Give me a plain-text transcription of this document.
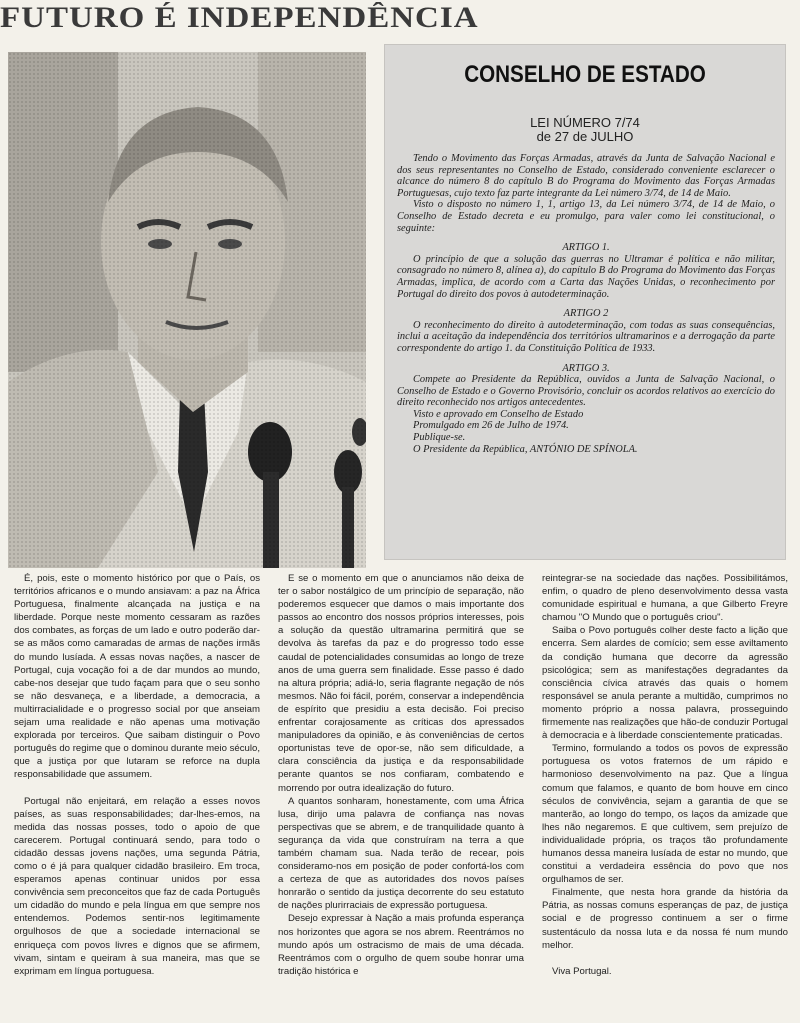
FUTURO É INDEPENDÊNCIA
CONSELHO DE ESTADO
LEI NÚMERO 7/74
de 27 de JULHO

Tendo o Movimento das Forças Armadas, através da Junta de Salvação Nacional e dos seus representantes no Conselho de Estado, considerado conveniente esclarecer o alcance do número 8 do capítulo B do Programa do Movimento das Forças Armadas Portuguesas, cujo texto faz parte integrante da Lei número 3/74, de 14 de Maio.

Visto o disposto no número 1, 1, artigo 13, da Lei número 3/74, de 14 de Maio, o Conselho de Estado decreta e eu promulgo, para valer como lei constitucional, o seguinte:

ARTIGO 1.

O princípio de que a solução das guerras no Ultramar é política e não militar, consagrado no número 8, alínea a), do capítulo B do Programa do Movimento das Forças Armadas, implica, de acordo com a Carta das Nações Unidas, o reconhecimento por Portugal do direito dos povos à autodeterminação.

ARTIGO 2

O reconhecimento do direito à autodeterminação, com todas as suas consequências, inclui a aceitação da independência dos territórios ultramarinos e a derrogação da parte correspondente do artigo 1. da Constituição Política de 1933.

ARTIGO 3.

Compete ao Presidente da República, ouvidos a Junta de Salvação Nacional, o Conselho de Estado e o Governo Provisório, concluir os acordos relativos ao exercício do direito reconhecido nos artigos antecedentes.

Visto e aprovado em Conselho de Estado

Promulgado em 26 de Julho de 1974.

Publique-se.

O Presidente da República, ANTÓNIO DE SPÍNOLA.

É, pois, este o momento histórico por que o País, os territórios africanos e o mundo ansiavam: a paz na África Portuguesa, finalmente alcançada na justiça e na liberdade. Porque neste momento cessaram as razões dos combates, as forças de um lado e outro poderão dar-se as mãos como camaradas de armas de nações irmãs do mundo lusíada. A essas novas nações, a nascer de Portugal, cuja vocação foi a de dar mundos ao mundo, cabe-nos desejar que tudo façam para que o seu sonho se não desvaneça, e a liberdade, a democracia, a multirracialidade e o progresso social por que anseiam sejam uma realidade e não apenas uma motivação explorada por terceiros. Que saibam distinguir o Povo português do regime que o dominou durante meio século, que a justiça por que lutaram se reforce na dupla responsabilidade que assumem.

Portugal não enjeitará, em relação a esses novos países, as suas responsabilidades; dar-lhes-emos, na medida das nossas posses, todo o apoio de que carecerem. Portugal continuará sendo, para todo o cidadão dessas jovens nações, uma segunda Pátria, como o é já para qualquer cidadão brasileiro. Em troca, esperamos apenas continuar unidos por essa convivência sem preconceitos que faz de cada Português um cidadão do mundo e pela língua em que sempre nos entendemos. Podemos sentir-nos legitimamente orgulhosos de que a sociedade internacional se enriqueça com povos livres e dignos que se afirmem, vivam, sintam e queiram à sua maneira, mas que se exprimam em língua portuguesa.

E se o momento em que o anunciamos não deixa de ter o sabor nostálgico de um princípio de separação, não poderemos esquecer que damos o mais importante dos passos ao encontro dos nossos próprios interesses, pois a solução da questão ultramarina permitirá que se devolva às tarefas da paz e do progresso todo esse caudal de potencialidades consumidas ao longo de treze anos de uma guerra sem finalidade. Esse passo é dado na altura própria; adiá-lo, seria flagrante negação de nós mesmos. Não foi fácil, porém, conservar a independência de espírito que presidiu a esta decisão. Foi preciso enfrentar corajosamente as críticas dos apressados manipuladores da opinião, e às conveniências de certos oportunistas teve de opor-se, não sem dificuldade, a clara consciência da justiça e da responsabilidade perante quantos se nos confiaram, combatendo e morrendo por outra idealização do futuro.

A quantos sonharam, honestamente, com uma África lusa, dirijo uma palavra de confiança nas novas perspectivas que se abrem, e de tranquilidade quanto à segurança da vida que construíram na terra a que também chamam sua. Nada terão de recear, pois consideramo-nos em posição de poder confortá-los com a certeza de que as autoridades dos novos países honrarão o sentido da justiça decorrente do seu estatuto de nações plurirraciais de expressão portuguesa.

Desejo expressar à Nação a mais profunda esperança nos horizontes que agora se nos abrem. Reentrámos no mundo após um ostracismo de mais de uma década. Reentrámos com o orgulho de quem soube honrar uma tradição histórica e

reintegrar-se na sociedade das nações. Possibilitámos, enfim, o quadro de pleno desenvolvimento dessa vasta comunidade espiritual e humana, a que Gilberto Freyre chamou "O Mundo que o português criou".

Saiba o Povo português colher deste facto a lição que encerra. Sem alardes de comício; sem esse aviltamento da condição humana que decorre da agressão psicológica; sem as manifestações degradantes da consciência cívica através das quais o homem responsável se anula perante a multidão, cumprimos no momento próprio a nossa palavra, prosseguindo firmemente nas realizações que hão-de conduzir Portugal à democracia e à liberdade conscientemente praticadas.

Termino, formulando a todos os povos de expressão portuguesa os votos fraternos de um rápido e harmonioso desenvolvimento na paz. Que a língua comum que falamos, e quanto de bom houve em cinco séculos de convivência, sejam a garantia de que se manterão, ao longo do tempo, os laços da amizade que lhes não negaremos. E que cultivem, sem prejuízo de individualidade própria, os traços tão profundamente humanos dessa maneira lusíada de estar no mundo, que constitui a verdadeira essência do povo que nos orgulhamos de ser.

Finalmente, que nesta hora grande da história da Pátria, as nossas comuns esperanças de paz, de justiça social e de progresso continuem a ser o firme sustentáculo da nossa luta e da nossa fé num mundo melhor.

Viva Portugal.
